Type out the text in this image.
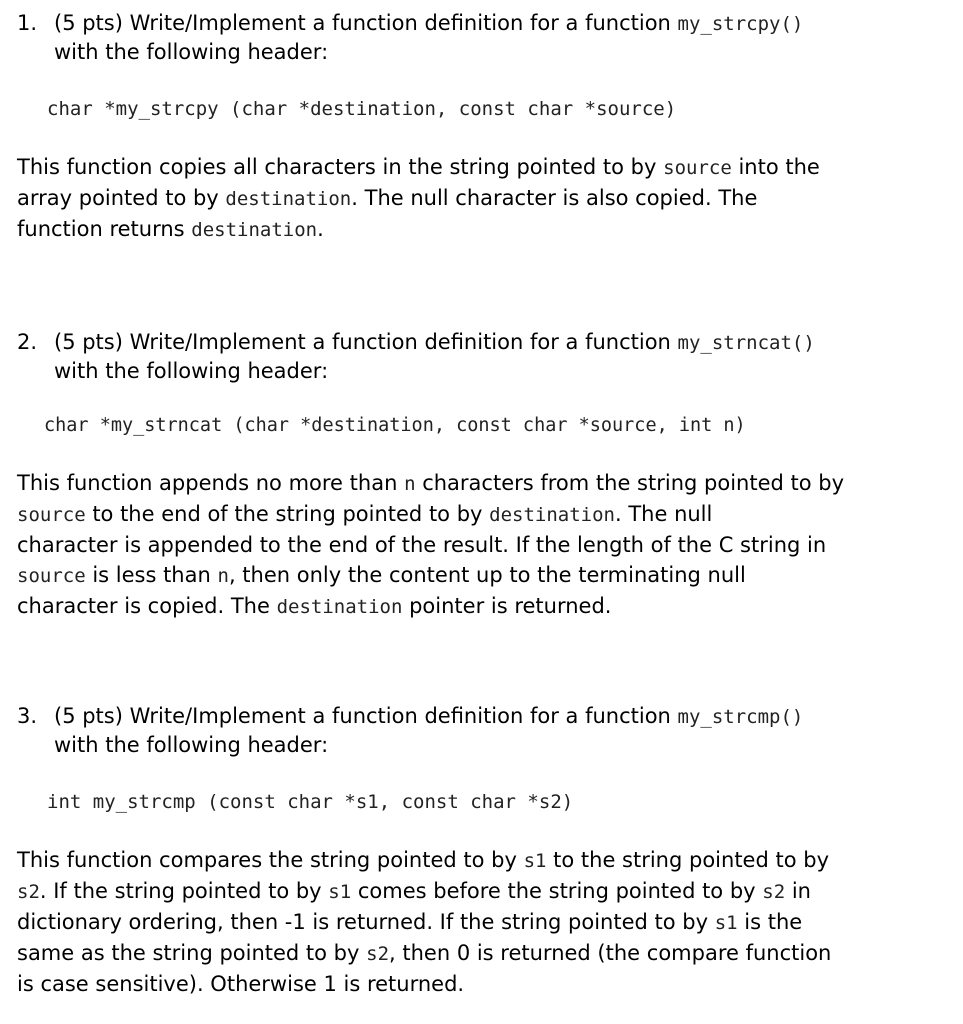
1. (5 pts) Write/Implement a function definition for a function my_strcpy()
with the following header:
char *my_strcpy (char *destination, const char *source)
This function copies all characters in the string pointed to by source into the
array pointed to by destination. The null character is also copied. The
function returns destination.
2. (5 pts) Write/Implement a function definition for a function my_strncat()
with the following header:
char *my_strncat (char *destination, const char *source, int n)
This function appends no more than n characters from the string pointed to by
source to the end of the string pointed to by destination. The null
character is appended to the end of the result. If the length of the C string in
source is less than n, then only the content up to the terminating null
character is copied. The destination pointer is returned.
3. (5 pts) Write/Implement a function definition for a function my_strcmp()
with the following header:
int my_strcmp (const char *s1, const char *s2)
This function compares the string pointed to by s1 to the string pointed to by
s2. If the string pointed to by s1 comes before the string pointed to by s2 in
dictionary ordering, then -1 is returned. If the string pointed to by s1 is the
same as the string pointed to by s2, then 0 is returned (the compare function
is case sensitive). Otherwise 1 is returned.
